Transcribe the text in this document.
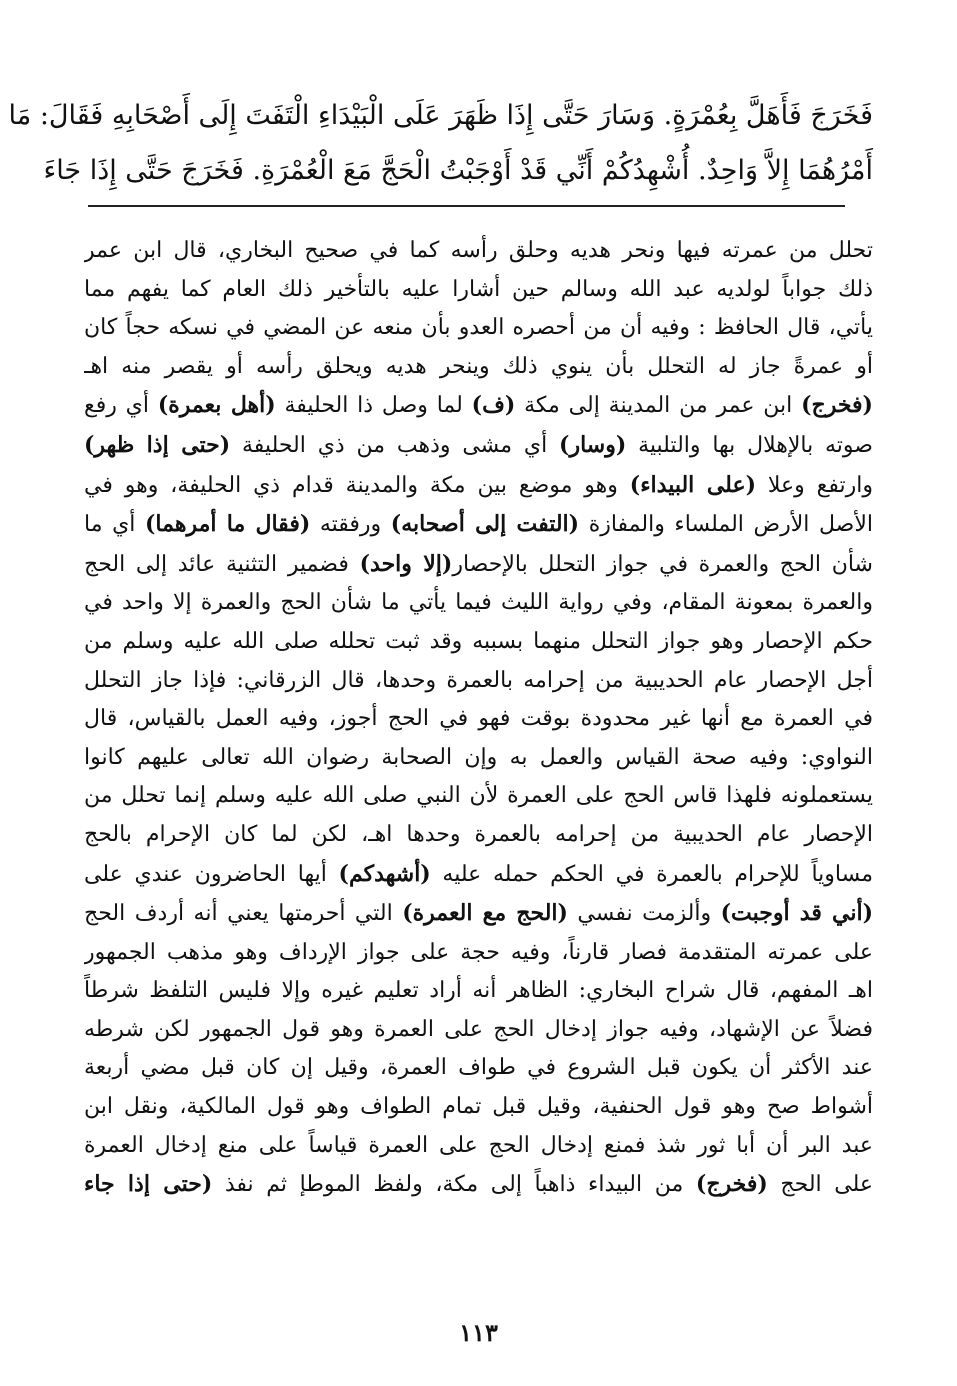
فَخَرَجَ فَأَهَلَّ بِعُمْرَةٍ. وَسَارَ حَتَّى إِذَا ظَهَرَ عَلَى الْبَيْدَاءِ الْتَفَتَ إِلَى أَصْحَابِهِ فَقَالَ: مَا
أَمْرُهُمَا إِلاَّ وَاحِدٌ. أُشْهِدُكُمْ أَنِّي قَدْ أَوْجَبْتُ الْحَجَّ مَعَ الْعُمْرَةِ. فَخَرَجَ حَتَّى إِذَا جَاءَ
تحلل من عمرته فيها ونحر هديه وحلق رأسه كما في صحيح البخاري، قال ابن عمر
ذلك جواباً لولديه عبد الله وسالم حين أشارا عليه بالتأخير ذلك العام كما يفهم مما
يأتي، قال الحافظ : وفيه أن من أحصره العدو بأن منعه عن المضي في نسكه حجاً كان
أو عمرةً جاز له التحلل بأن ينوي ذلك وينحر هديه ويحلق رأسه أو يقصر منه اهـ
(فخرج) ابن عمر من المدينة إلى مكة (ف) لما وصل ذا الحليفة (أهل بعمرة) أي رفع
صوته بالإهلال بها والتلبية (وسار) أي مشى وذهب من ذي الحليفة (حتى إذا ظهر)
وارتفع وعلا (على البيداء) وهو موضع بين مكة والمدينة قدام ذي الحليفة، وهو في
الأصل الأرض الملساء والمفازة (التفت إلى أصحابه) ورفقته (فقال ما أمرهما) أي ما
شأن الحج والعمرة في جواز التحلل بالإحصار(إلا واحد) فضمير التثنية عائد إلى الحج
والعمرة بمعونة المقام، وفي رواية الليث فيما يأتي ما شأن الحج والعمرة إلا واحد في
حكم الإحصار وهو جواز التحلل منهما بسببه وقد ثبت تحلله صلى الله عليه وسلم من
أجل الإحصار عام الحديبية من إحرامه بالعمرة وحدها، قال الزرقاني: فإذا جاز التحلل
في العمرة مع أنها غير محدودة بوقت فهو في الحج أجوز، وفيه العمل بالقياس، قال
النواوي: وفيه صحة القياس والعمل به وإن الصحابة رضوان الله تعالى عليهم كانوا
يستعملونه فلهذا قاس الحج على العمرة لأن النبي صلى الله عليه وسلم إنما تحلل من
الإحصار عام الحديبية من إحرامه بالعمرة وحدها اهـ، لكن لما كان الإحرام بالحج
مساوياً للإحرام بالعمرة في الحكم حمله عليه (أشهدكم) أيها الحاضرون عندي على
(أني قد أوجبت) وألزمت نفسي (الحج مع العمرة) التي أحرمتها يعني أنه أردف الحج
على عمرته المتقدمة فصار قارناً، وفيه حجة على جواز الإرداف وهو مذهب الجمهور
اهـ المفهم، قال شراح البخاري: الظاهر أنه أراد تعليم غيره وإلا فليس التلفظ شرطاً
فضلاً عن الإشهاد، وفيه جواز إدخال الحج على العمرة وهو قول الجمهور لكن شرطه
عند الأكثر أن يكون قبل الشروع في طواف العمرة، وقيل إن كان قبل مضي أربعة
أشواط صح وهو قول الحنفية، وقيل قبل تمام الطواف وهو قول المالكية، ونقل ابن
عبد البر أن أبا ثور شذ فمنع إدخال الحج على العمرة قياساً على منع إدخال العمرة
على الحج (فخرج) من البيداء ذاهباً إلى مكة، ولفظ الموطإ ثم نفذ (حتى إذا جاء
١١٣
